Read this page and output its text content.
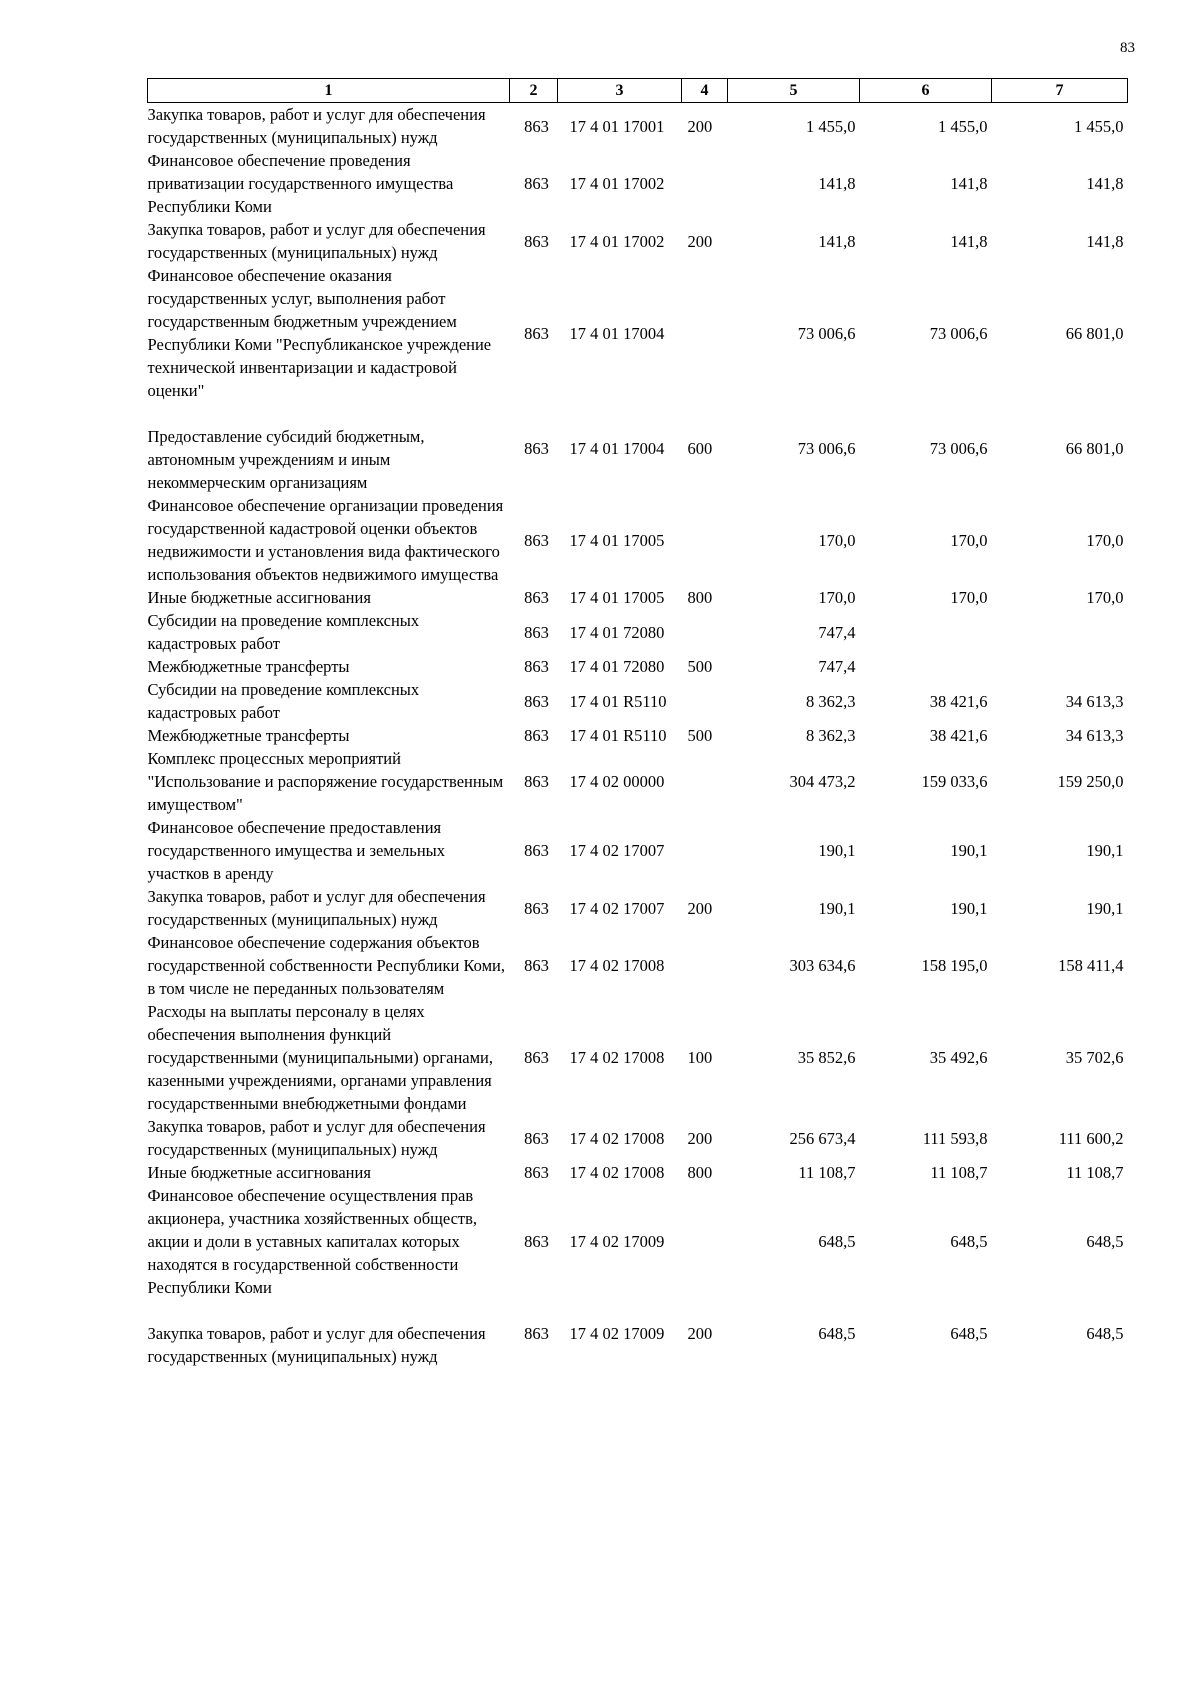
83
1	2	3	4	5	6	7
Закупка товаров, работ и услуг для обеспечения государственных (муниципальных) нужд	863	17 4 01 17001	200	1 455,0	1 455,0	1 455,0
Финансовое обеспечение проведения приватизации государственного имущества Республики Коми	863	17 4 01 17002		141,8	141,8	141,8
Закупка товаров, работ и услуг для обеспечения государственных (муниципальных) нужд	863	17 4 01 17002	200	141,8	141,8	141,8
Финансовое обеспечение оказания государственных услуг, выполнения работ государственным бюджетным учреждением Республики Коми "Республиканское учреждение технической инвентаризации и кадастровой оценки"	863	17 4 01 17004		73 006,6	73 006,6	66 801,0
Предоставление субсидий бюджетным, автономным учреждениям и иным некоммерческим организациям	863	17 4 01 17004	600	73 006,6	73 006,6	66 801,0
Финансовое обеспечение организации проведения государственной кадастровой оценки объектов недвижимости и установления вида фактического использования объектов недвижимого имущества	863	17 4 01 17005		170,0	170,0	170,0
Иные бюджетные ассигнования	863	17 4 01 17005	800	170,0	170,0	170,0
Субсидии на проведение комплексных кадастровых работ	863	17 4 01 72080		747,4		
Межбюджетные трансферты	863	17 4 01 72080	500	747,4		
Субсидии на проведение комплексных кадастровых работ	863	17 4 01 R5110		8 362,3	38 421,6	34 613,3
Межбюджетные трансферты	863	17 4 01 R5110	500	8 362,3	38 421,6	34 613,3
Комплекс процессных мероприятий "Использование и распоряжение государственным имуществом"	863	17 4 02 00000		304 473,2	159 033,6	159 250,0
Финансовое обеспечение предоставления государственного имущества и земельных участков в аренду	863	17 4 02 17007		190,1	190,1	190,1
Закупка товаров, работ и услуг для обеспечения государственных (муниципальных) нужд	863	17 4 02 17007	200	190,1	190,1	190,1
Финансовое обеспечение содержания объектов государственной собственности Республики Коми, в том числе не переданных пользователям	863	17 4 02 17008		303 634,6	158 195,0	158 411,4
Расходы на выплаты персоналу в целях обеспечения выполнения функций государственными (муниципальными) органами, казенными учреждениями, органами управления государственными внебюджетными фондами	863	17 4 02 17008	100	35 852,6	35 492,6	35 702,6
Закупка товаров, работ и услуг для обеспечения государственных (муниципальных) нужд	863	17 4 02 17008	200	256 673,4	111 593,8	111 600,2
Иные бюджетные ассигнования	863	17 4 02 17008	800	11 108,7	11 108,7	11 108,7
Финансовое обеспечение осуществления прав акционера, участника хозяйственных обществ, акции и доли в уставных капиталах которых находятся в государственной собственности Республики Коми	863	17 4 02 17009		648,5	648,5	648,5
Закупка товаров, работ и услуг для обеспечения государственных (муниципальных) нужд	863	17 4 02 17009	200	648,5	648,5	648,5
